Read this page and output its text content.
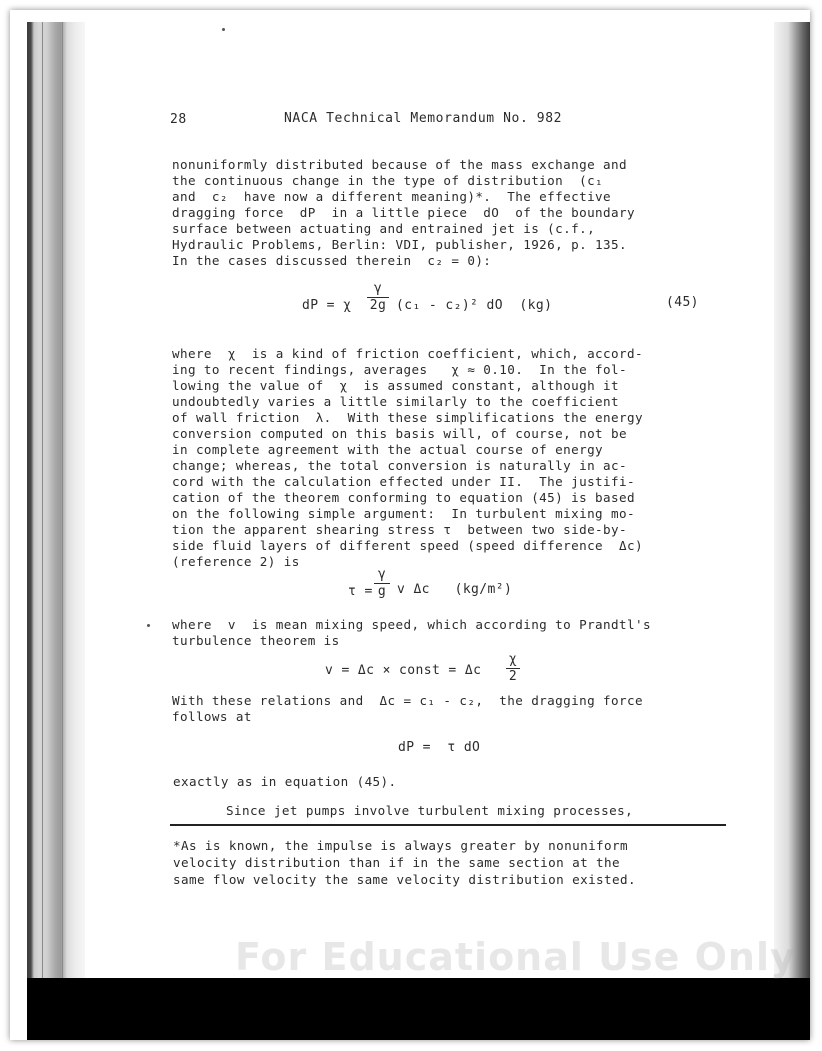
28	NACA Technical Memorandum No. 982
nonuniformly distributed because of the mass exchange and
the continuous change in the type of distribution  (c₁
and  c₂  have now a different meaning)*.  The effective
dragging force  dP  in a little piece  dO  of the boundary
surface between actuating and entrained jet is (c.f.,
Hydraulic Problems, Berlin: VDI, publisher, 1926, p. 135.
In the cases discussed therein  c₂ = 0):
dP = χ
γ
2g (c₁ - c₂)² dO  (kg)	(45)
where  χ  is a kind of friction coefficient, which, accord-
ing to recent findings, averages   χ ≈ 0.10.  In the fol-
lowing the value of  χ  is assumed constant, although it
undoubtedly varies a little similarly to the coefficient
of wall friction  λ.  With these simplifications the energy
conversion computed on this basis will, of course, not be
in complete agreement with the actual course of energy
change; whereas, the total conversion is naturally in ac-
cord with the calculation effected under II.  The justifi-
cation of the theorem conforming to equation (45) is based
on the following simple argument:  In turbulent mixing mo-
tion the apparent shearing stress τ  between two side-by-
side fluid layers of different speed (speed difference  Δc)
(reference 2) is
τ =
γ
g v Δc   (kg/m²)
where  v  is mean mixing speed, which according to Prandtl's
turbulence theorem is
v = Δc × const = Δc
χ
2
With these relations and  Δc = c₁ - c₂,  the dragging force
follows at
dP =  τ dO
exactly as in equation (45).
Since jet pumps involve turbulent mixing processes,
*As is known, the impulse is always greater by nonuniform
velocity distribution than if in the same section at the
same flow velocity the same velocity distribution existed.
For Educational Use Only
